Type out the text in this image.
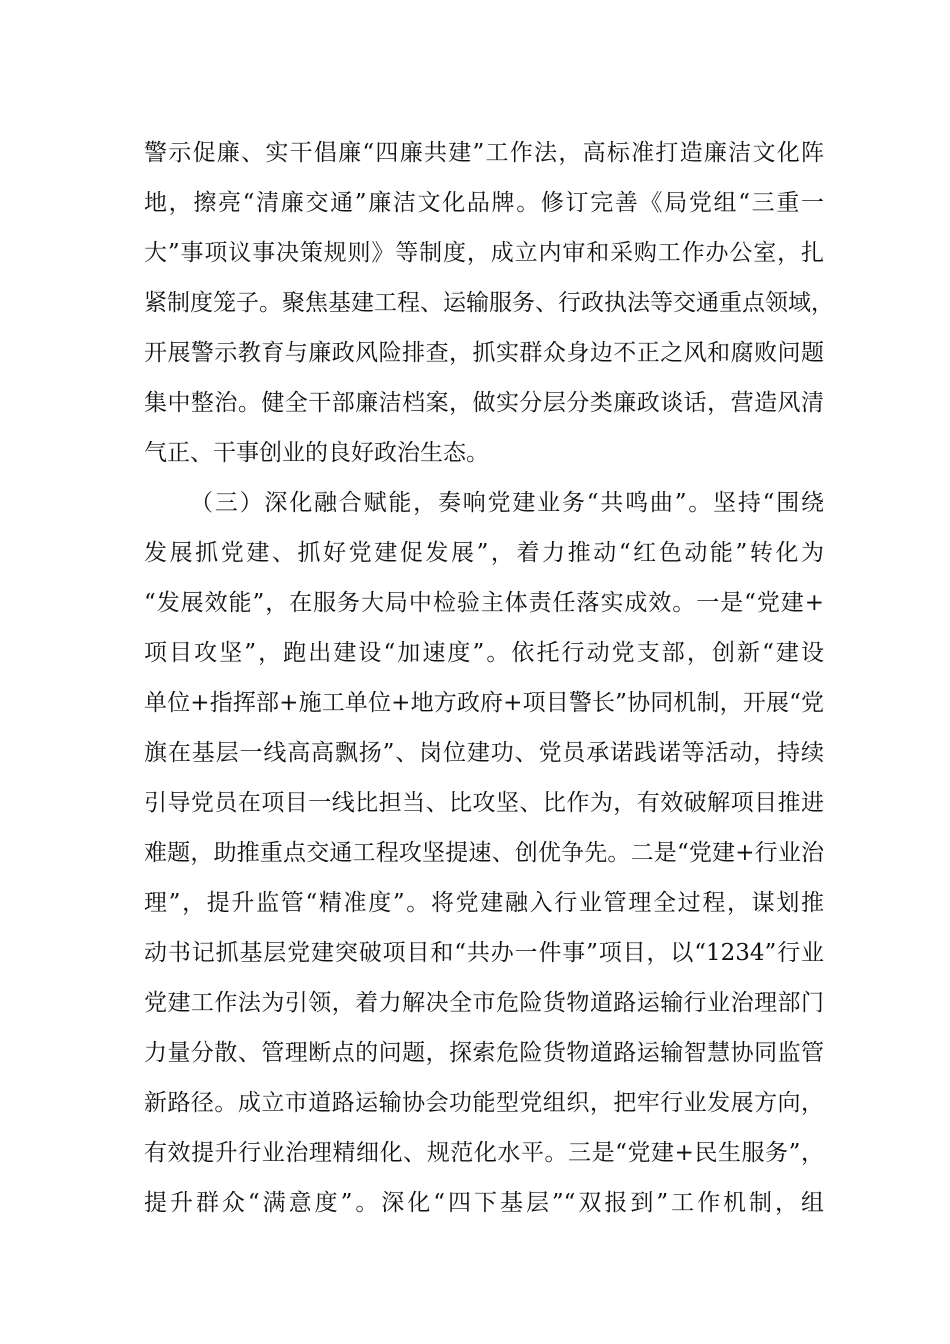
警示促廉、实干倡廉“四廉共建”工作法，高标准打造廉洁文化阵
地，擦亮“清廉交通”廉洁文化品牌。修订完善《局党组“三重一
大”事项议事决策规则》等制度，成立内审和采购工作办公室，扎
紧制度笼子。聚焦基建工程、运输服务、行政执法等交通重点领域，
开展警示教育与廉政风险排查，抓实群众身边不正之风和腐败问题
集中整治。健全干部廉洁档案，做实分层分类廉政谈话，营造风清
气正、干事创业的良好政治生态。
（三）深化融合赋能，奏响党建业务“共鸣曲”。坚持“围绕
发展抓党建、抓好党建促发展”，着力推动“红色动能”转化为
“发展效能”，在服务大局中检验主体责任落实成效。一是“党建+
项目攻坚”，跑出建设“加速度”。依托行动党支部，创新“建设
单位+指挥部+施工单位+地方政府+项目警长”协同机制，开展“党
旗在基层一线高高飘扬”、岗位建功、党员承诺践诺等活动，持续
引导党员在项目一线比担当、比攻坚、比作为，有效破解项目推进
难题，助推重点交通工程攻坚提速、创优争先。二是“党建+行业治
理”，提升监管“精准度”。将党建融入行业管理全过程，谋划推
动书记抓基层党建突破项目和“共办一件事”项目，以“1234”行业
党建工作法为引领，着力解决全市危险货物道路运输行业治理部门
力量分散、管理断点的问题，探索危险货物道路运输智慧协同监管
新路径。成立市道路运输协会功能型党组织，把牢行业发展方向，
有效提升行业治理精细化、规范化水平。三是“党建+民生服务”，
提升群众“满意度”。深化“四下基层”“双报到”工作机制，组
